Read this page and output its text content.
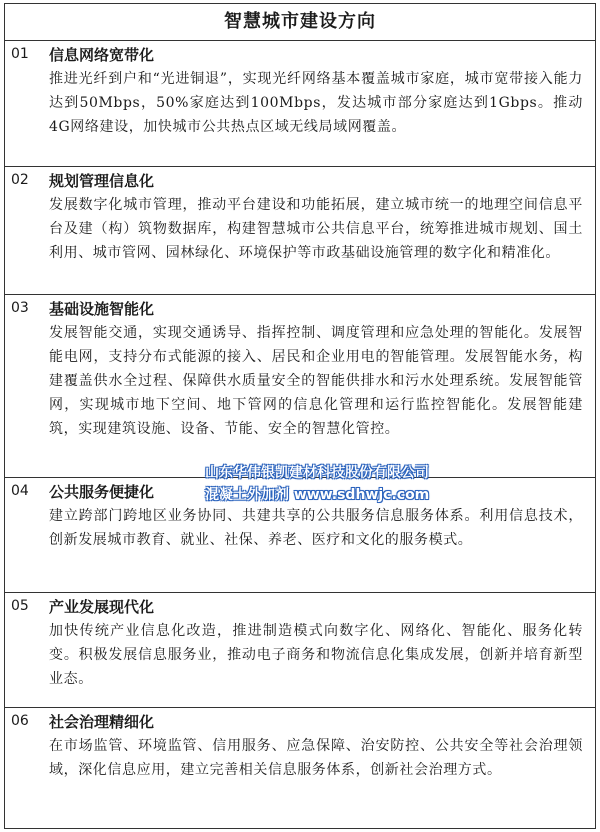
智慧城市建设方向
01 信息网络宽带化
推进光纤到户和“光进铜退”，实现光纤网络基本覆盖城市家庭，城市宽带接入能力达到50Mbps，50%家庭达到100Mbps，发达城市部分家庭达到1Gbps。推动4G网络建设，加快城市公共热点区域无线局域网覆盖。
02 规划管理信息化
发展数字化城市管理，推动平台建设和功能拓展，建立城市统一的地理空间信息平台及建（构）筑物数据库，构建智慧城市公共信息平台，统筹推进城市规划、国土利用、城市管网、园林绿化、环境保护等市政基础设施管理的数字化和精准化。
03 基础设施智能化
发展智能交通，实现交通诱导、指挥控制、调度管理和应急处理的智能化。发展智能电网，支持分布式能源的接入、居民和企业用电的智能管理。发展智能水务，构建覆盖供水全过程、保障供水质量安全的智能供排水和污水处理系统。发展智能管网，实现城市地下空间、地下管网的信息化管理和运行监控智能化。发展智能建筑，实现建筑设施、设备、节能、安全的智慧化管控。
04 公共服务便捷化
建立跨部门跨地区业务协同、共建共享的公共服务信息服务体系。利用信息技术，创新发展城市教育、就业、社保、养老、医疗和文化的服务模式。
05 产业发展现代化
加快传统产业信息化改造，推进制造模式向数字化、网络化、智能化、服务化转变。积极发展信息服务业，推动电子商务和物流信息化集成发展，创新并培育新型业态。
06 社会治理精细化
在市场监管、环境监管、信用服务、应急保障、治安防控、公共安全等社会治理领域，深化信息应用，建立完善相关信息服务体系，创新社会治理方式。
山东华伟银凯建材科技股份有限公司
混凝土外加剂 www.sdhwjc.com
